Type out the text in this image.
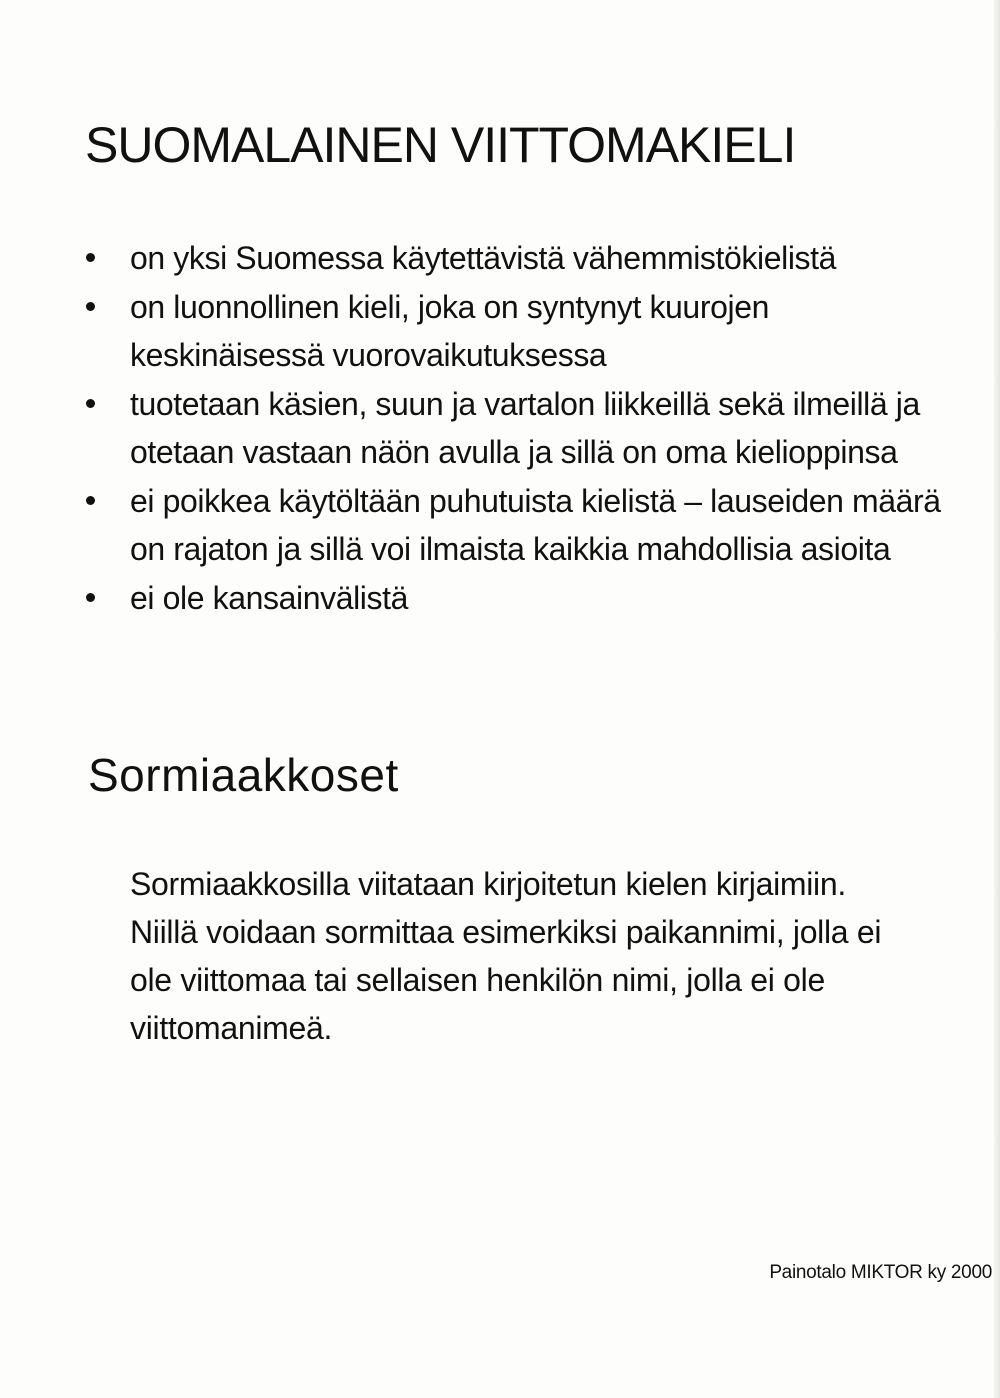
SUOMALAINEN VIITTOMAKIELI
on yksi Suomessa käytettävistä vähemmistökielistä
on luonnollinen kieli, joka on syntynyt kuurojen keskinäisessä vuorovaikutuksessa
tuotetaan käsien, suun ja vartalon liikkeillä sekä ilmeillä ja otetaan vastaan näön avulla ja sillä on oma kielioppinsa
ei poikkea käytöltään puhutuista kielistä – lauseiden määrä on rajaton ja sillä voi ilmaista kaikkia mahdollisia asioita
ei ole kansainvälistä
Sormiaakkoset

Sormiaakkosilla viitataan kirjoitetun kielen kirjaimiin. Niillä voidaan sormittaa esimerkiksi paikannimi, jolla ei ole viittomaa tai sellaisen henkilön nimi, jolla ei ole viittomanimeä.

Painotalo MIKTOR ky 2000
